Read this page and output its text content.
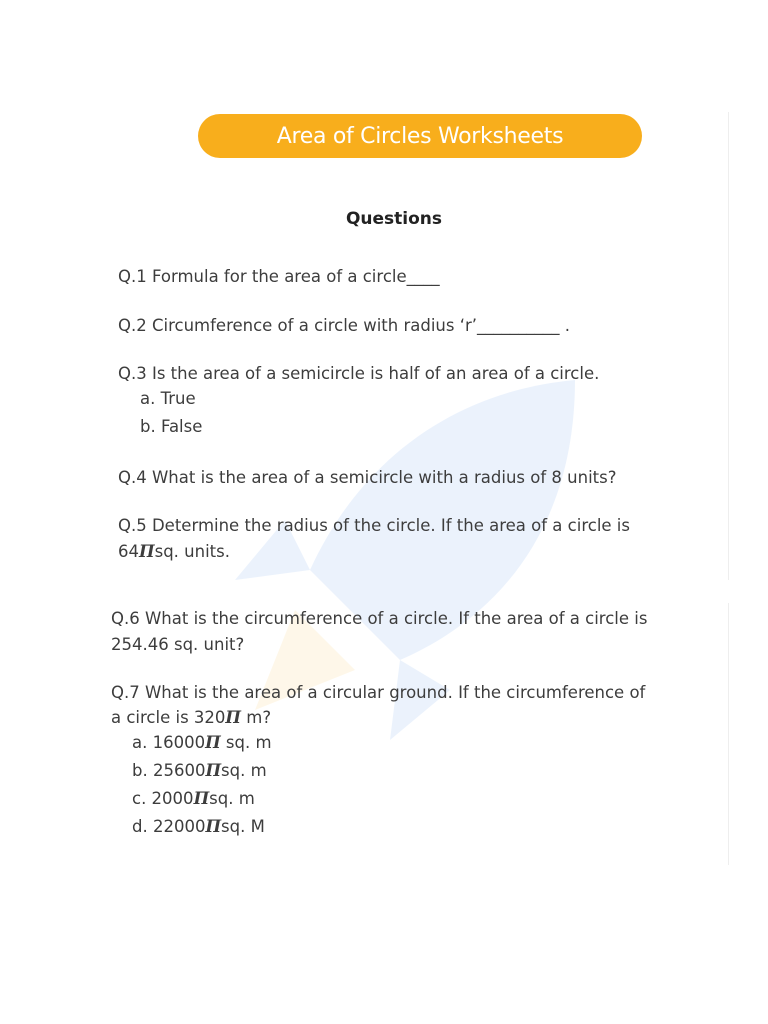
Area of Circles Worksheets
Questions
Q.1 Formula for the area of a circle____
Q.2 Circumference of a circle with radius ‘r’__________ .
Q.3 Is the area of a semicircle is half of an area of a circle.
a. True
b. False
Q.4 What is the area of a semicircle with a radius of 8 units?
Q.5 Determine the radius of the circle. If the area of a circle is
64Πsq. units.
Q.6 What is the circumference of a circle. If the area of a circle is
254.46 sq. unit?
Q.7 What is the area of a circular ground. If the circumference of
a circle is 320Π m?
a. 16000Π sq. m
b. 25600Πsq. m
c. 2000Πsq. m
d. 22000Πsq. M
